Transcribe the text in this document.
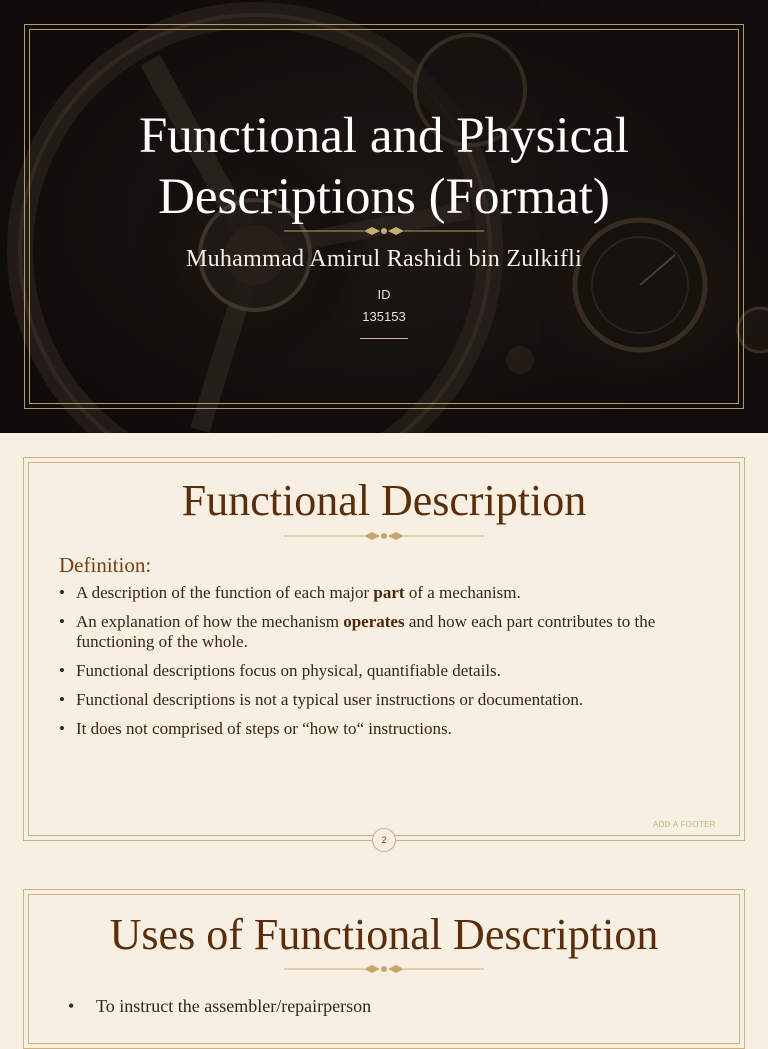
Functional and Physical
Descriptions (Format)
Muhammad Amirul Rashidi bin Zulkifli
ID
135153
Functional Description
Definition:
• A description of the function of each major part of a mechanism.
• An explanation of how the mechanism operates and how each part contributes to the functioning of the whole.
• Functional descriptions focus on physical, quantifiable details.
• Functional descriptions is not a typical user instructions or documentation.
• It does not comprised of steps or “how to“ instructions.
ADD A FOOTER
2
Uses of Functional Description
• To instruct the assembler/repairperson
